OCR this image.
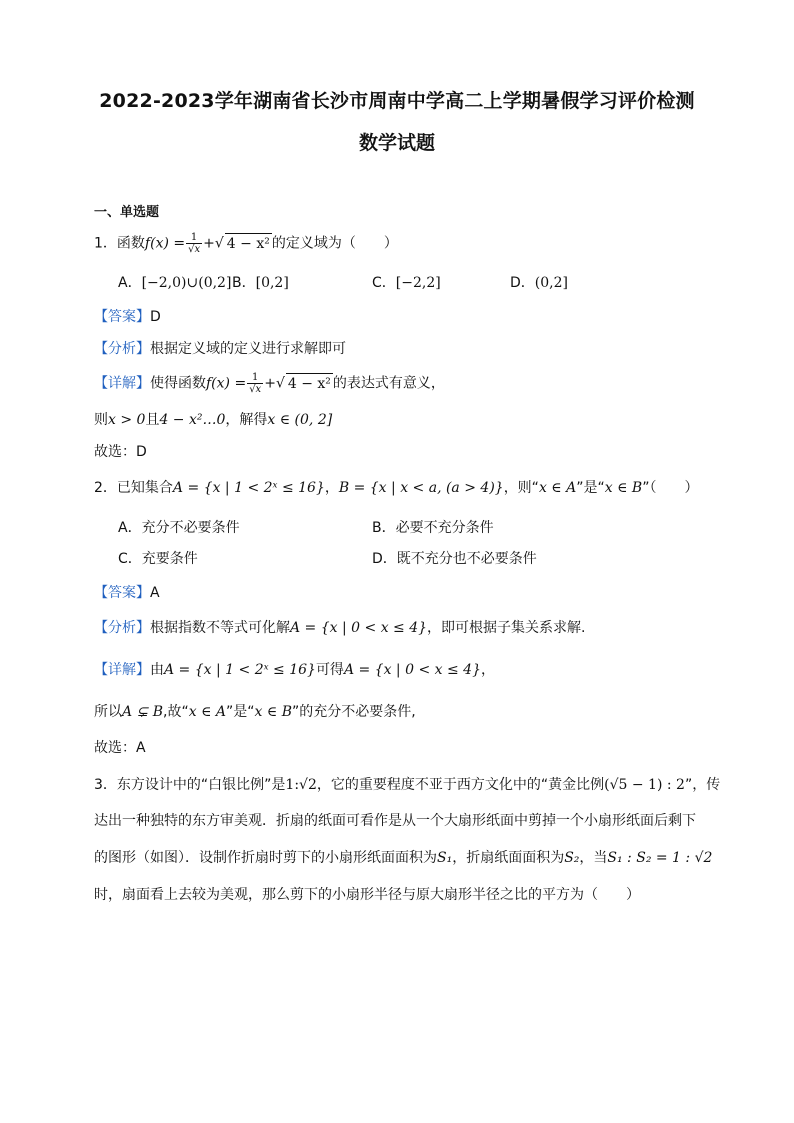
2022-2023学年湖南省长沙市周南中学高二上学期暑假学习评价检测
数学试题
一、单选题
1．函数$f(x) = \frac{1}{√x}$ +√ 4 − x² 的定义域为（　　）
A．[−2,0)∪(0,2] B．[0,2]	C．[−2,2]	D．(0,2]
【答案】D
【分析】根据定义域的定义进行求解即可
【详解】使得函数$f(x) = \frac{1}{√x}$ +√ 4 − x² 的表达式有意义，
则x > 0且4 − x²…0，解得x ∈ (0, 2]
故选：D
2．已知集合A = {x | 1 < 2ˣ ≤ 16}，B = {x | x < a, (a > 4)}，则“x ∈ A”是“x ∈ B”（　　）
A．充分不必要条件	B．必要不充分条件
C．充要条件	D．既不充分也不必要条件
【答案】A
【分析】根据指数不等式可化解A = {x | 0 < x ≤ 4}，即可根据子集关系求解.
【详解】由A = {x | 1 < 2ˣ ≤ 16}可得A = {x | 0 < x ≤ 4}，
所以A ⊊ B,故“x ∈ A”是“x ∈ B”的充分不必要条件,
故选：A
3．东方设计中的“白银比例”是1:√2，它的重要程度不亚于西方文化中的“黄金比例(√5 − 1) : 2”，传
达出一种独特的东方审美观．折扇的纸面可看作是从一个大扇形纸面中剪掉一个小扇形纸面后剩下
的图形（如图）．设制作折扇时剪下的小扇形纸面面积为S₁，折扇纸面面积为S₂，当S₁ : S₂ = 1 : √2
时，扇面看上去较为美观，那么剪下的小扇形半径与原大扇形半径之比的平方为（　　）
